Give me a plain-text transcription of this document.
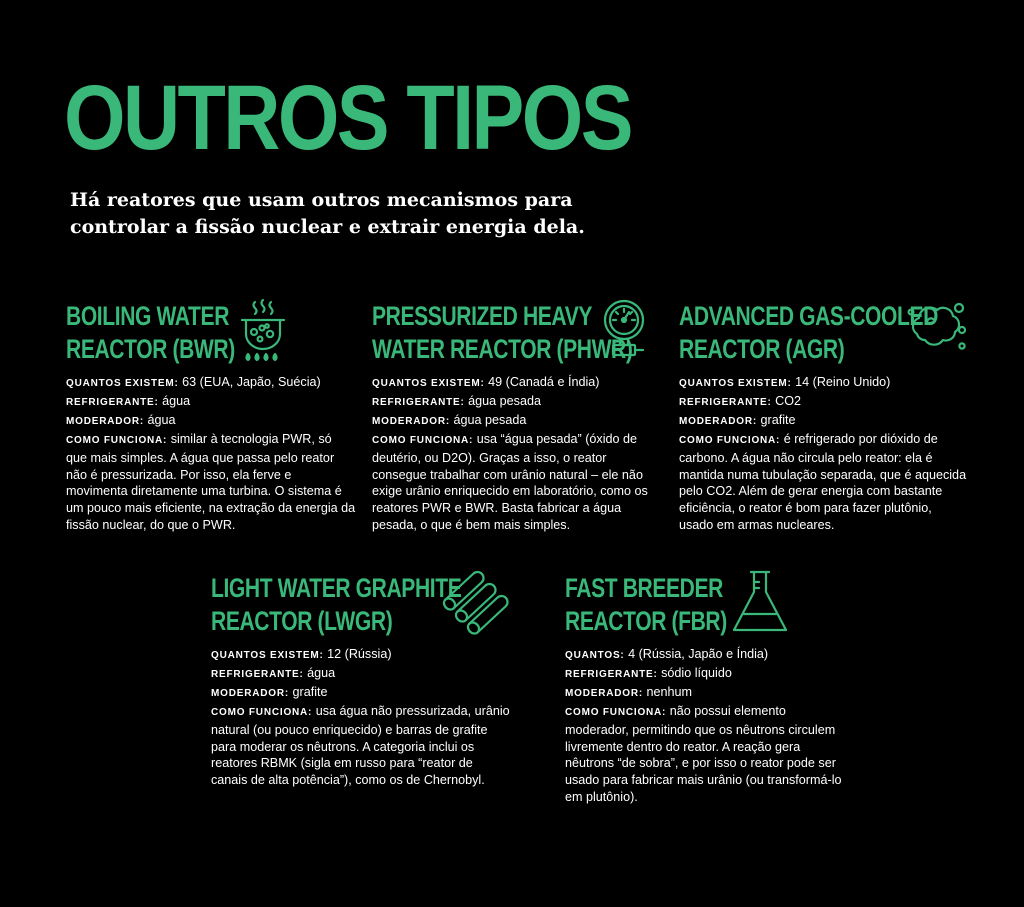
OUTROS TIPOS

Há reatores que usam outros mecanismos para controlar a fissão nuclear e extrair energia dela.

BOILING WATER
REACTOR (BWR)

QUANTOS EXISTEM: 63 (EUA, Japão, Suécia)

REFRIGERANTE: água

MODERADOR: água

COMO FUNCIONA: similar à tecnologia PWR, só que mais simples. A água que passa pelo reator não é pressurizada. Por isso, ela ferve e movimenta diretamente uma turbina. O sistema é um pouco mais eficiente, na extração da energia da fissão nuclear, do que o PWR.

PRESSURIZED HEAVY
WATER REACTOR (PHWR)

QUANTOS EXISTEM: 49 (Canadá e Índia)

REFRIGERANTE: água pesada

MODERADOR: água pesada

COMO FUNCIONA: usa “água pesada” (óxido de deutério, ou D2O). Graças a isso, o reator consegue trabalhar com urânio natural – ele não exige urânio enriquecido em laboratório, como os reatores PWR e BWR. Basta fabricar a água pesada, o que é bem mais simples.

ADVANCED GAS-COOLED
REACTOR (AGR)

QUANTOS EXISTEM: 14 (Reino Unido)

REFRIGERANTE: CO2

MODERADOR: grafite

COMO FUNCIONA: é refrigerado por dióxido de carbono. A água não circula pelo reator: ela é mantida numa tubulação separada, que é aquecida pelo CO2. Além de gerar energia com bastante eficiência, o reator é bom para fazer plutônio, usado em armas nucleares.

LIGHT WATER GRAPHITE
REACTOR (LWGR)

QUANTOS EXISTEM: 12 (Rússia)

REFRIGERANTE: água

MODERADOR: grafite

COMO FUNCIONA: usa água não pressurizada, urânio natural (ou pouco enriquecido) e barras de grafite para moderar os nêutrons. A categoria inclui os reatores RBMK (sigla em russo para “reator de canais de alta potência”), como os de Chernobyl.

FAST BREEDER
REACTOR (FBR)

QUANTOS: 4 (Rússia, Japão e Índia)

REFRIGERANTE: sódio líquido

MODERADOR: nenhum

COMO FUNCIONA: não possui elemento moderador, permitindo que os nêutrons circulem livremente dentro do reator. A reação gera nêutrons “de sobra”, e por isso o reator pode ser usado para fabricar mais urânio (ou transformá-lo em plutônio).
